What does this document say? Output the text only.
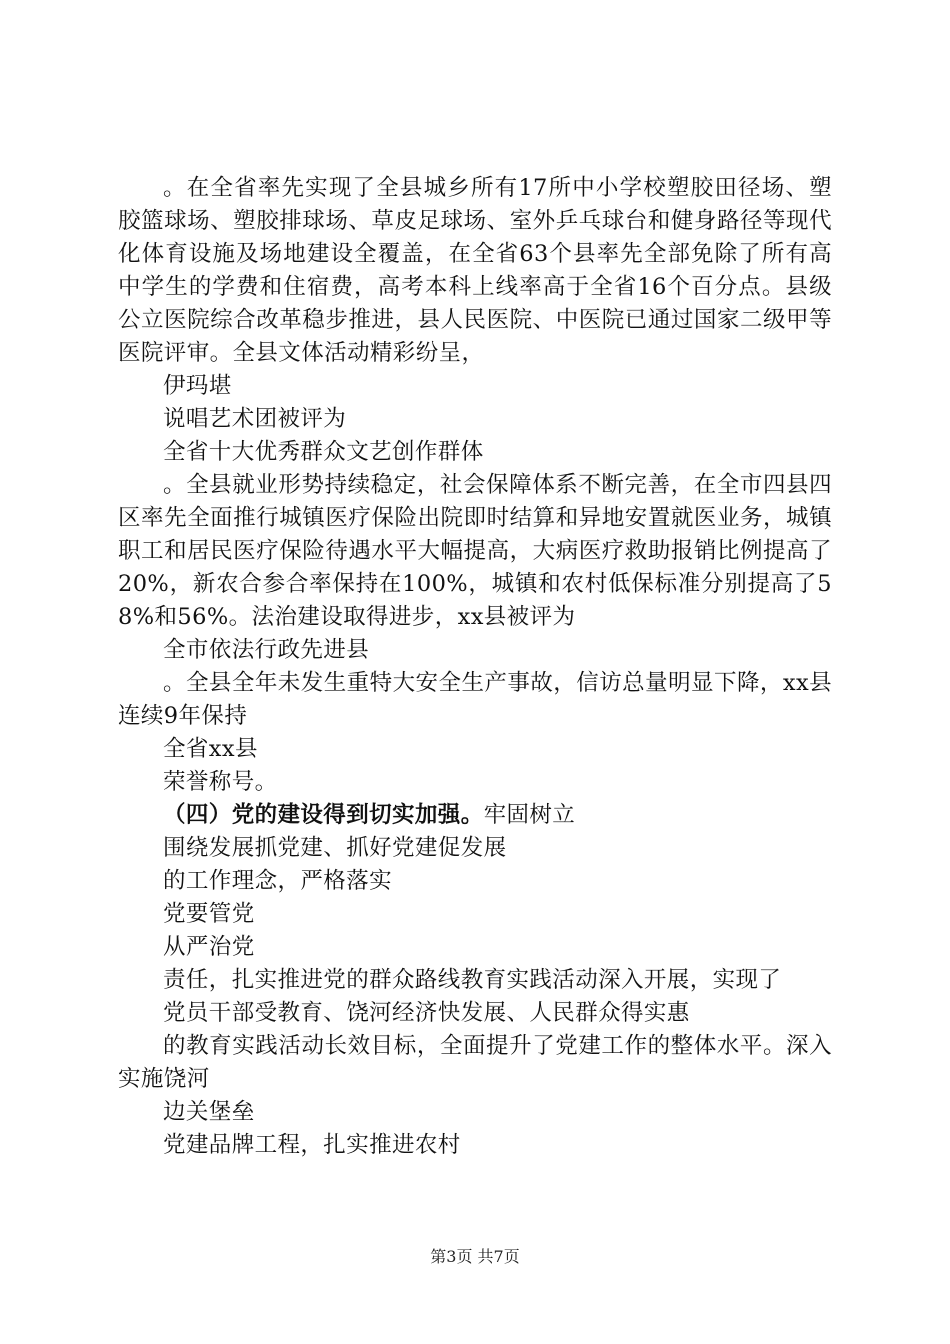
。在全省率先实现了全县城乡所有17所中小学校塑胶田径场、塑胶篮球场、塑胶排球场、草皮足球场、室外乒乓球台和健身路径等现代化体育设施及场地建设全覆盖，在全省63个县率先全部免除了所有高中学生的学费和住宿费，高考本科上线率高于全省16个百分点。县级公立医院综合改革稳步推进，县人民医院、中医院已通过国家二级甲等医院评审。全县文体活动精彩纷呈，

伊玛堪

说唱艺术团被评为

全省十大优秀群众文艺创作群体

。全县就业形势持续稳定，社会保障体系不断完善，在全市四县四区率先全面推行城镇医疗保险出院即时结算和异地安置就医业务，城镇职工和居民医疗保险待遇水平大幅提高，大病医疗救助报销比例提高了20%，新农合参合率保持在100%，城镇和农村低保标准分别提高了58%和56%。法治建设取得进步，xx县被评为

全市依法行政先进县

。全县全年未发生重特大安全生产事故，信访总量明显下降，xx县连续9年保持

全省xx县

荣誉称号。

（四）党的建设得到切实加强。牢固树立

围绕发展抓党建、抓好党建促发展

的工作理念，严格落实

党要管党

从严治党

责任，扎实推进党的群众路线教育实践活动深入开展，实现了

党员干部受教育、饶河经济快发展、人民群众得实惠

的教育实践活动长效目标，全面提升了党建工作的整体水平。深入实施饶河

边关堡垒

党建品牌工程，扎实推进农村

第3页 共7页
